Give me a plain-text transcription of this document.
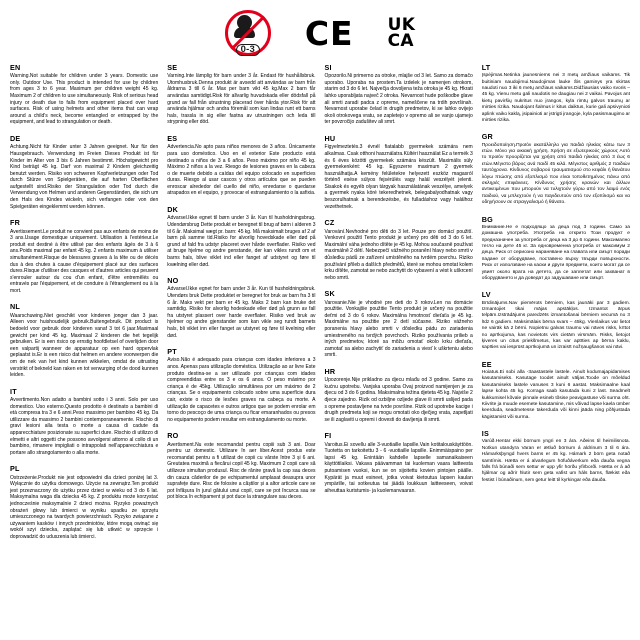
0-3	CE UK
CA
EN
Warning.Not suitable for children under 3 years. Domestic use only. Outdoor Use. This product is intended for use by children from ages 3 to 6 year. Maximum per children weight 45 kg. Maximum 2 of children to use simultaneously. Risk of serious head injury or death due to falls from equipment placed over hard surfaces. Risk of using helmets and other items that can wrap around a child's neck, become entangled or entrapped by the equipment, and lead to strangulation or death.
DE
Achtung.Nicht für Kinder unter 3 Jahren geeignet. Nur für den Hausgebrauch. Verwendung im Freien Dieses Produkt ist für Kinder im Alter von 3 bis 6 Jahren bestimmt. Höchstgewicht pro Kind beträgt 45 kg. Darf von maximal 2 Kindern gleichzeitig benutzt werden. Risiko von schweren Kopfverletzungen oder Tod durch Stürze von Spielgeräten, die auf harten Oberflächen aufgestellt sind.Risiko der Strangulation oder Tod durch die Verwendung von Helmen und anderen Gegenständen, die sich um den Hals des Kindes wickeln, sich verfangen oder von den Spielgeräten eingeklemmt werden können.
FR
Avertissement.Le produit ne convient pas aux enfants de moins de 3 ans.Usage domestique uniquement. Utilisation à l'extérieur.Le produit est destiné à être utilisé par des enfants âgés de 3 à 6 ans.Poids maximal par enfant 45 kg. 2 enfants maximum à utiliser simultanément.Risque de blessures graves à la tête ou de décès dus à des chutes à cause d'équipement placé sur des surfaces dures.Risque d'utiliser des casques et d'autres articles qui peuvent s'enrouler autour du cou d'un enfant, d'être entremêlés ou entravés par l'équipement, et de conduire à l'étranglement ou à la mort.
NL
Waarschuwing.Niet geschikt voor kinderen jonger dan 3 jaar. Alleen voor huishoudelijk gebruik.Buitengebruik. Dit product is bedoeld voor gebruik door kinderen vanaf 3 tot 6 jaar.Maximaal gewicht per kind 45 kg. Maximaal 2 kinderen die het tegelijk gebruiken. Er is een risico op ernstig hoofdletsel of overlijden door een valpartij wanneer de apparatuur op een hard oppervlak geplaatst is.Er is een risico dat helmen en andere voorwerpen die om de nek van het kind kunnen wikkelen, omdat de uitrusting verstrikt of bekneld kan raken en tot verwurging of de dood kunnen leiden.
IT
Avvertimento.Non adatto a bambini sotto i 3 anni. Solo per uso domestico. Uso esterno.Questo prodotto è destinato a bambini di età compresa tra 3 e 6 anni.Peso massimo per bambino 45 kg. Da utilizzare da massimo 2 bambini contemporaneamente. Rischio di gravi lesioni alla testa o morte a causa di cadute da apparecchiature posizionate su superfici dure. Rischio di utilizzo di elmetti e altri oggetti che possono avvolgersi attorno al collo di un bambino, rimanere impigliati o intrappolati nell'apparecchiatura e portare allo strangolamento o alla morte.
PL
Ostrzeżenie.Produkt nie jest odpowiedni dla dzieci poniżej lat 3. Wyłącznie do użytku domowego. Użycie na zewnątrz.Ten produkt jest przeznaczony do użytku przez dzieci w wieku od 3 do 6 lat. Maksymalna waga dla dziecka 45 kg. Z produktu może korzystać jednocześnie maksymalnie 2 dzieci można. Ryzyko poważnych obrażeń głowy lub śmierci w wyniku upadku ze sprzętu umieszczonego na twardych powierzchniach. Ryzyko związane z używaniem kasków i innych przedmiotów, które mogą owinąć się wokół szyi dziecka, zaplątać się lub utkwić w sprzęcie i doprowadzić do uduszenia lub śmierci.
SE
Varning.Inte lämplig för barn under 3 år. Endast för hushållsbruk. Utomhusbruk.Denna produkt är avsedd att användas av barn från åldrarna 3 till 6 år. Max per barn vikt 45 kg.Max 2 barn får användas samtidigt.Risk för allvarlig huvudskada eller dödsfall på grund av fall från utrustning placerad över hårda ytor.Risk för att använda hjälmar och andra föremål som kan lindas runt ett barns hals, trassla in sig eller fastna av utrustningen och leda till strypning eller död.
ES
Advertencia.No apto para niños menores de 3 años. Únicamente para uso doméstico. Uso en el exterior Este producto está destinado a niños de 3 a 6 años. Peso máximo por niño 45 kg. Máximo 2 niños a la vez. Riesgo de lesiones graves en la cabeza o de muerte debido a caídas del equipo colocado en superficies duras. Riesgo al usar cascos y otros artículos que se pueden enroscar alrededor del cuello del niño, enredarse o quedarse atrapados en el equipo, y provocar el estrangulamiento o la asfixia.
DK
Advarsel.Ikke egnet til børn under 3 år. Kun til husholdningsbrug. Udendørsbrug Dette produkt er beregnet til brug af børn i alderen 3 til 6 år. Maksimal vægt pr. barn: 45 kg. Må maksimalt bruges af 2 af børn på samme tid.Risiko for alvorlig hovedskade eller død på grund af fald fra udstyr placeret over hårde overflader. Risiko ved at bruge hjelme og andre genstande, der kan vikles rundt om et barns hals, blive viklet ind eller fanget af udstyret og føre til kvælning eller død.
NO
Advarsel.Ikke egnet for barn under 3 år. Kun til husholdningsbruk. Utendørs bruk Dette produktet er beregnet for bruk av barn fra 3 til 6 år. Maks vekt per barn er 45 kg. Maks 2 barn kan bruke det samtidig. Risiko for alvorlig hodeskade eller død på grunn av fall fra utstyret plassert over harde overflater. Risiko ved bruk av hjelmer og andre gjenstander som kan vikle seg rundt barnets hals, bli viklet inn eller fanget av utstyret og føre til kvelning eller død.
PT
Aviso.Não é adequado para crianças com idades inferiores a 3 anos. Apenas para utilização doméstica. Utilização ao ar livre Este produto destina-se a ser utilizado por crianças com idades compreendidas entre os 3 e os 6 anos. O peso máximo por criança é de 45kg. Utilização simultânea por um máximo de 2 crianças. Se o equipamento colocado sobre uma superfície dura cair, existe o risco de lesões graves na cabeça ou morte. A utilização de capacetes e outros artigos que se podem enrolar em torno do pescoço de uma criança ou ficar emaranhados ou presos no equipamento podem resultar em estrangulamento ou morte.
RO
Avertisment.Nu este recomandat pentru copiii sub 3 ani. Doar pentru uz domestic. Utilizare în aer liber.Acest produs este recomandat pentru a fi utilizat de copii cu vârste între 3 și 6 ani. Greutatea maximă a fiecărui copil 45 kg. Maximum 2 copii care să utilizeze simultan produsul. Risc de rănire gravă la cap sau deces din cauza căderilor de pe echipamentul amplasat deasupra unor suprafețe dure. Risc de folosire a căștilor și a altor articole care se pot înfășura în jurul gâtului unui copil, care se pot încurca sau se pot bloca în echipament și pot duce la strangulare sau deces.
SI
Opozorilo.Ni primerno za otroke, mlajše od 3 let. Samo za domačo uporabo. Uporaba na prostem.Ta izdelek je namenjen otrokom, starim od 3 do 6 let. Največja dovoljena teža otroka je 45 kg. Hkrati lahko uporabljata največ 2 otroka. Nevarnost hude poškodbe glave ali smrti zaradi padca z opreme, nameščene na trdih površinah. Nevarnost uporabe čelad in drugih predmetov, ki se lahko ovijejo okoli otrokovega vratu, se zapletejo v opremo ali se vanjo ujamejo ter povzročijo zadušitev ali smrt.
HU
Figyelmeztetés.3 évnél fiatalabb gyermekek számára nem alkalmas. Csak otthoni használatra.Kültéri használat Ez a termék 3 és 6 éves közötti gyermekek számára készült. Maximális súly gyermekenként: 45 kg. Egyszerre maximum 2 gyermek használhatja.A kemény felületekre helyezett eszköz magasról történő esése súlyos fejsérülés vagy halál veszélyét jelenti. Sisakok és egyéb olyan tárgyak használatának veszélye, amelyek a gyermek nyaka köré tekeredhetnek, belegabalyodhatnak vagy beszorulhatnak a berendezésbe, és fulladáshoz vagy halálhoz vezethetnek.
CZ
Varování.Nevhodné pro děti do 3 let. Pouze pro domácí použití. Venkovní použití Tento produkt je určený pro děti od 3 do 6 let. Maximální váha jednoho dítěte je 45 kg. Mohou současně používat maximálně 2 dětí. Nebezpečí vážného poranění hlavy nebo smrti v důsledku pádů ze zařízení umístěného na tvrdém povrchu. Riziko používání přileb a dalších předmětů, které se mohou omotat kolem krku dítěte, zamotat se nebo zachytit do vybavení a vést k uškrcení nebo smrti.
SK
Varovanie.Nie je vhodné pre deti do 3 rokov.Len na domácie použitie. Vonkajšie použitie Tento produkt je určený na použitie deťmi od 3 do 6 rokov. Maximálna hmotnosť dieťaťa je 45 kg. Maximálne na použitie pre 2 detí súčasne. Riziko vážneho poranenia hlavy alebo smrti v dôsledku pádu zo zariadenia umiestneného na tvrdých povrchoch. Riziko používania prilieb a iných predmetov, ktoré sa môžu omotať okolo krku dieťaťa, zamotať sa alebo zachytiť do zariadenia a viesť k uškrteniu alebo smrti.
HR
Upozorenje.Nije prikladno za djecu mlađu od 3 godine. Samo za kućnu upotrebu. Vanjska uporaba Ovaj proizvod namijenjen je za djecu od 3 do 6 godina. Maksimalna težina djeteta 45 kg. Najviše 2 djece zajedno. Rizik od ozbiljne ozljede glave ili smrti uslijed pada s opreme postavljene na tvrde površine. Rizik od upotrebe kacige i drugih predmeta koji se mogu omotati oko dječjeg vrata, zapetljati se ili zaglaviti u opremi i dovesti do davljenja ili smrti.
FI
Varoitus.Ei sovellu alle 3-vuotiaille lapsille.Vain kotitalouskäyttöön. Tuotetta on tarkoitettu 3 - 6 -vuotiaille lapsille. Enimmäispaino per lapsi 45 kg. Enintään kahdelle lapselle samanaikaiseen käyttötilaiksi. Vakava päävamman tai kuoleman vaara laitteesta putoamisen vuoksi, kun se on sijoitettu kovien pintojen päälle. Kypärät ja muut esineet, jotka voivat kietoutua lapsen kaulan ympärille, tai sotkeutua tai jäädä loukkuun laitteeseen, voivat aiheuttaa kuristumis- ja kuolemanvaaran.
LT
Įspėjimas.Netinka jaunesniems nei 3 metų amžiaus vaikams. Tik buitiniam naudojimui.Naudojimas lauke Šis gaminys yra skirtas naudoti nuo 3 iki 6 metų amžiaus vaikams.Didžiausias vaiko svoris – 45 kg. Vienu metu gali naudotis ne daugiau nei 2 vaikai. Pavojus ant kietų paviršių nukritus nuo įrangos, kyla rimtų galvos traumų ar mirties rizika. Naudojant šalmus ir kitus daiktus, kurie gali apsivynioti aplink vaiko kaklą, įsipainioti ar įstrigti įrangoje, kyla pasismaugimo ar mirties rizika.
GR
Προειδοποίηση.Προϊόν ακατάλληλο για παιδιά ηλικίας κάτω των 3 ετών. Μόνο για οικιακή χρήση. Χρήση σε εξωτερικούς χώρους Αυτό το προϊόν προορίζεται για χρήση από παιδιά ηλικίας από 3 έως 6 ετών.Μέγιστο βάρος ανά παιδί 45 κιλά. Μέγιστος αριθμός 2 παιδιών ταυτόχρονα. Κίνδυνος σοβαρού τραυματισμού στο κεφάλι ή θανάτου λόγω πτώσης από εξοπλισμό που είναι τοποθετημένος πάνω από σκληρές επιφάνειες. Κίνδυνος χρήσης κρανών και άλλων αντικειμένων που μπορούν να τυλιχτούν γύρω από τον λαιμό ενός παιδιού, να μπλεχτούν ή να παγιδευτούν από τον εξοπλισμό και να οδηγήσουν σε στραγγαλισμό ή θάνατο.
BG
Внимание.Не е подходящо за деца под 3 години. Само за домашна употреба. Употреба на открито Този продукт е предназначен за употреба от деца на 3 до 6 години. Максимално тегло на дете 45 кг. За едновременна употреба от максимум 2 деца. Риск от сериозно нараняване на главата или смърт поради падане от оборудване, поставено върху твърди повърхности. Риск от използване на каски и други предмети, които могат да се увият около врата на детето, да се заплетат или захванат в оборудването и да доведат до задушаване или смърт.
LV
Brīdinājums.Nav piemērots bērniem, kas jaunāki par 3 gadiem. Izmantojiet tikai mājas apstākļos. Izmantot ārpus telpām.Izstrādājums paredzēts izmantošanai bērniem vecumā no 3 līdz 6 gadiem. Maksimālais bērna svars – 45kg. Vienlaikus var lietot ne vairāk kā 2 bērni. Nopietnu galvas traumu vai nāves risks, krītot no aprīkojuma, kas novietots virs cietām virsmām. Risks, lietojot ķiveres un citus priekšmetus, kas var aptīties ap bērna kaklu, sapīties vai iesprūst aprīkojumā un izraisīt nožņaugšanos vai nāvi.
EE
Hoiatus.Ei sobi alla -3aastastele lastele. Ainult kodumajapidamises kasutamiseks. Kasutage toodet ainult väljas.Toode on mõeldud kasutamiseks lastele vanuses 3 kuni 6 aastat. Maksimaalne kaal lapse kohta 45 kg. Korraga saab kasutada kuni 2 last. Seadmelt kukkumisel kõvale pinnale esineb tõsise peavigastuse või surma oht. Kiivrite ja muude esemete kasutamine, mis võivad lapse kaela ümber keerduda, seadmetesse takerduda või kinni jääda ning põhjustada kägistamist või surma.
IS
Varúð.Hentar ekki börnum yngri en 3 ára. Aðeins til heimilisnota. Notkun utandyra Varan er ætluð börnum á aldrinum 3 til 6 ára. Hámarksþyngd hvers barns er 45 kg. Hámark 2 börn geta notað samtímis. Hætta er á alvarlegum höfuðáverkum eða dauða vegna falls frá búnaði sem settur er upp yfir hörðu yfirborði. Hætta er á að hjálmar og aðrir hlutir sem geta vafist um háls barns, flækist eða festist í búnaðinum, sem getur leitt til kyrkingar eða dauða.
